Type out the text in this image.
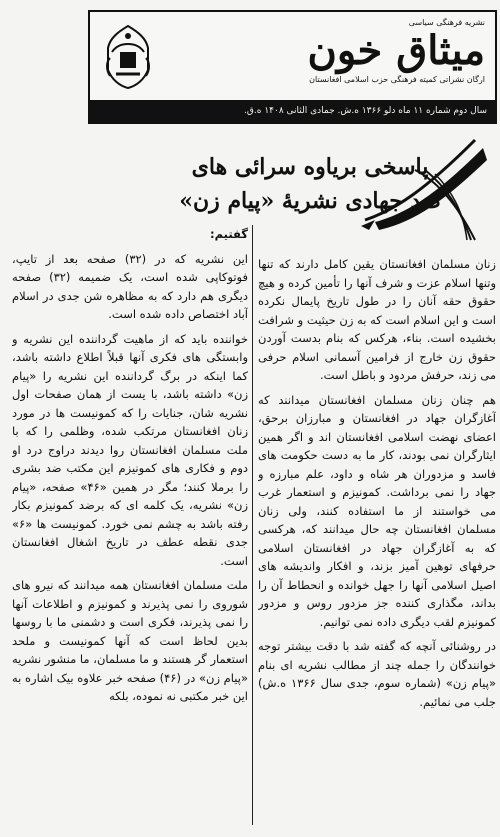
نشریه فرهنگی سیاسی
میثاق خون
ارگان نشراتی کمیته فرهنگی حزب اسلامی افغانستان
سال دوم شماره ۱۱ ماه دلو ۱۳۶۶ ه.ش. جمادی الثانی ۱۴۰۸ ه.ق.
پاسخی بریاوه سرائی های
ضد جهادی نشریهٔ «پیام زن»

زنان مسلمان افغانستان یقین کامل دارند که تنها وتنها اسلام عزت و شرف آنها را تأمین کرده و هیچ حقوق حقه آنان را در طول تاریخ پایمال نکرده است و این اسلام است که به زن حیثیت و شرافت بخشیده است. بناء، هرکس که بنام بدست آوردن حقوق زن خارج از فرامین آسمانی اسلام حرفی می زند، حرفش مردود و باطل است.

هم چنان زنان مسلمان افغانستان میدانند که آغازگران جهاد در افغانستان و مبارزان برحق، اعضای نهضت اسلامی افغانستان اند و اگر همین ایثارگران نمی بودند، کار ما به دست حکومت های فاسد و مزدوران هر شاه و داود، علم مبارزه و جهاد را نمی برداشت. کمونیزم و استعمار غرب می خواستند از ما استفاده کنند، ولی زنان مسلمان افغانستان چه حال میدانند که، هرکسی که به آغازگران جهاد در افغانستان اسلامی حرفهای توهین آمیز بزند، و افکار واندیشه های اصیل اسلامی آنها را جهل خوانده و انحطاط آن را بداند، مگذاری کننده جز مزدور روس و مزدور کمونیزم لقب دیگری داده نمی توانیم.

در روشنائی آنچه که گفته شد با دقت بیشتر توجه خوانندگان را جمله چند از مطالب نشریه ای بنام «پیام زن» (شماره سوم، جدی سال ۱۳۶۶ ه.ش) جلب می نمائیم.

گفتیم:

این نشریه که در (۳۲) صفحه بعد از تایپ، فوتوکاپی شده است، یک ضمیمه (۳۲) صفحه دیگری هم دارد که به مظاهره شن جدی در اسلام آباد اختصاص داده شده است.

خواننده باید که از ماهیت گرداننده این نشریه و وابستگی های فکری آنها قبلاً اطلاع داشته باشد، کما اینکه در برگ گرداننده این نشریه را «پیام زن» داشته باشد، با یست از همان صفحات اول نشریه شان، جنایات را که کمونیست ها در مورد زنان افغانستان مرتکب شده، وظلمی را که با ملت مسلمان افغانستان روا دیدند دراوج درد او دوم و فکاری های کمونیزم این مکتب ضد بشری را برملا کنند؛ مگر در همین «۴۶» صفحه، «پیام زن» نشریه، یک کلمه ای که برضد کمونیزم بکار رفته باشد به چشم نمی خورد. کمونیست ها «۶» جدی نقطه عطف در تاریخ اشغال افغانستان است.

ملت مسلمان افغانستان همه میدانند که نیرو های شوروی را نمی پذیرند و کمونیزم و اطلاعات آنها را نمی پذیرند، فکری است و دشمنی ما با روسها بدین لحاظ است که آنها کمونیست و ملحد استعمار گر هستند و ما مسلمان، ما منشور نشریه «پیام زن» در (۴۶) صفحه خبر علاوه بیک اشاره به این خبر مکتبی نه نموده، بلکه
